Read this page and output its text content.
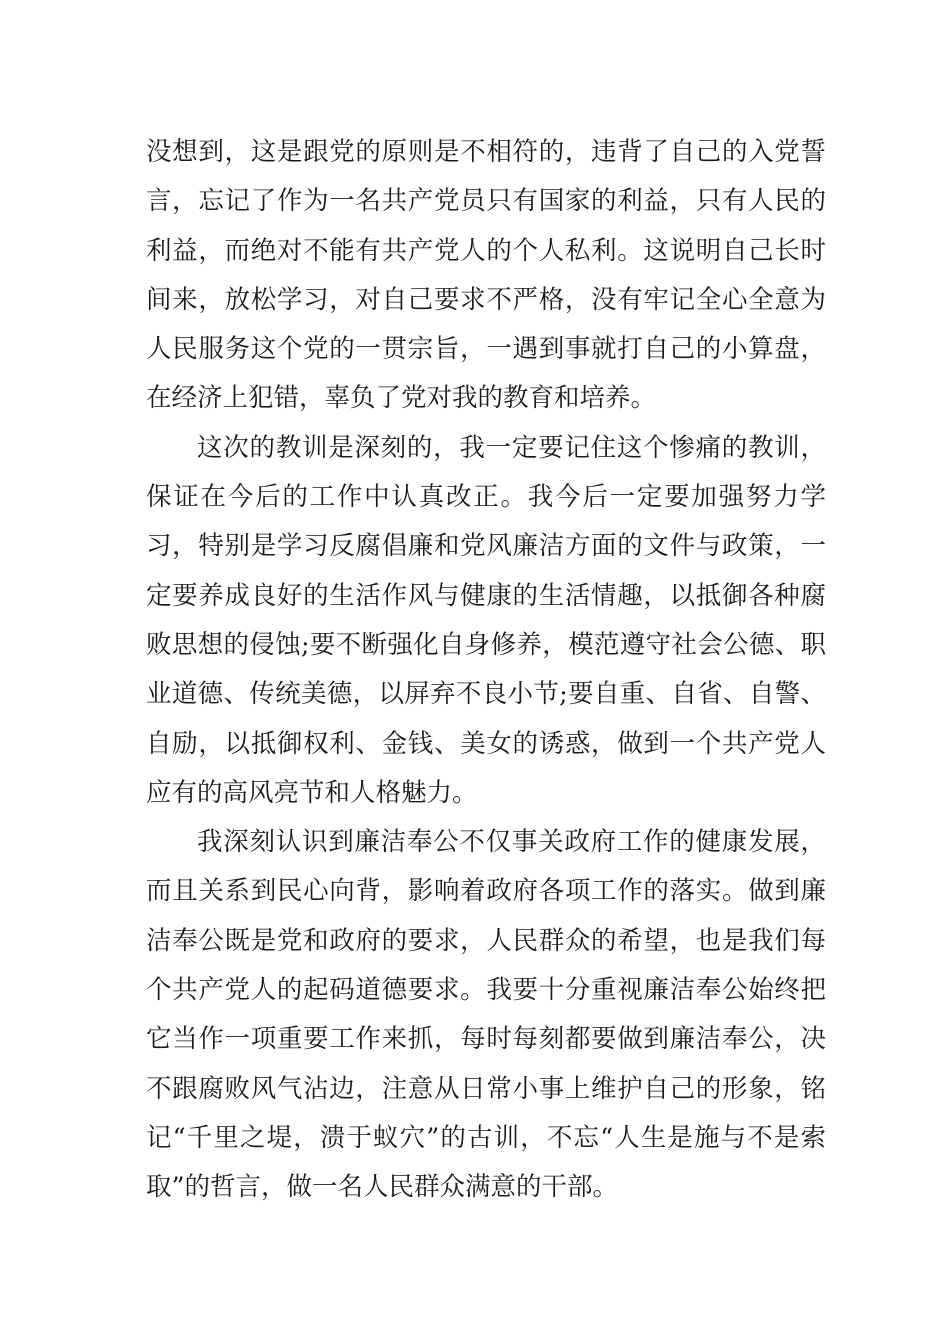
没想到，这是跟党的原则是不相符的，违背了自己的入党誓言，忘记了作为一名共产党员只有国家的利益，只有人民的利益，而绝对不能有共产党人的个人私利。这说明自己长时间来，放松学习，对自己要求不严格，没有牢记全心全意为人民服务这个党的一贯宗旨，一遇到事就打自己的小算盘，在经济上犯错，辜负了党对我的教育和培养。

这次的教训是深刻的，我一定要记住这个惨痛的教训，保证在今后的工作中认真改正。我今后一定要加强努力学习，特别是学习反腐倡廉和党风廉洁方面的文件与政策，一定要养成良好的生活作风与健康的生活情趣，以抵御各种腐败思想的侵蚀;要不断强化自身修养，模范遵守社会公德、职业道德、传统美德，以屏弃不良小节;要自重、自省、自警、自励，以抵御权利、金钱、美女的诱惑，做到一个共产党人应有的高风亮节和人格魅力。

我深刻认识到廉洁奉公不仅事关政府工作的健康发展，而且关系到民心向背，影响着政府各项工作的落实。做到廉洁奉公既是党和政府的要求，人民群众的希望，也是我们每个共产党人的起码道德要求。我要十分重视廉洁奉公始终把它当作一项重要工作来抓，每时每刻都要做到廉洁奉公，决不跟腐败风气沾边，注意从日常小事上维护自己的形象，铭记“千里之堤，溃于蚁穴”的古训，不忘“人生是施与不是索取”的哲言，做一名人民群众满意的干部。
